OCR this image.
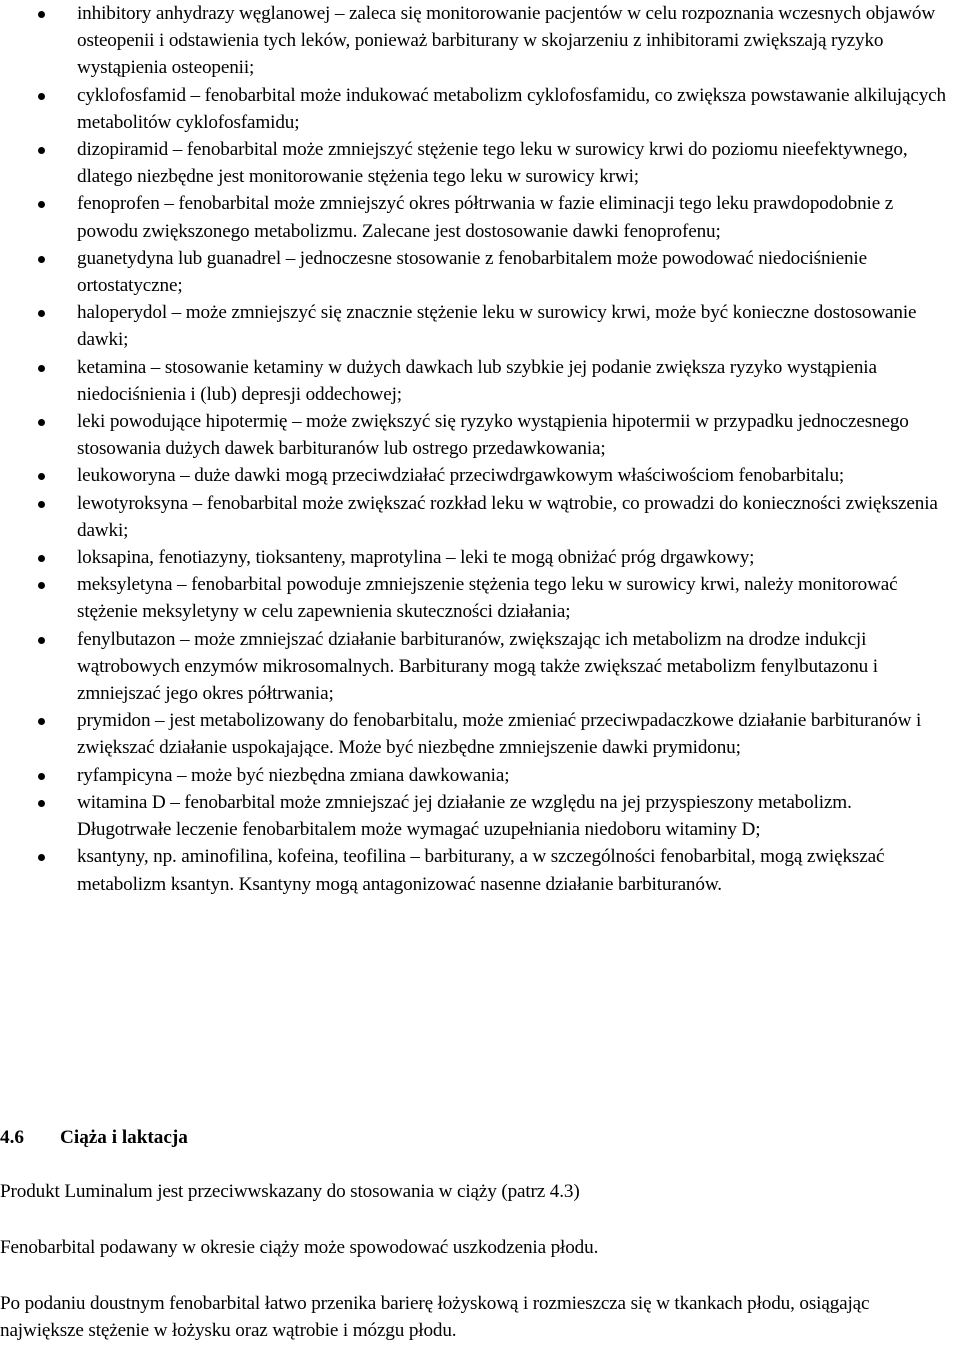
inhibitory anhydrazy węglanowej – zaleca się monitorowanie pacjentów w celu rozpoznania wczesnych objawów osteopenii i odstawienia tych leków, ponieważ barbiturany w skojarzeniu z inhibitorami zwiększają ryzyko wystąpienia osteopenii;
cyklofosfamid – fenobarbital może indukować metabolizm cyklofosfamidu, co zwiększa powstawanie alkilujących metabolitów cyklofosfamidu;
dizopiramid – fenobarbital może zmniejszyć stężenie tego leku w surowicy krwi do poziomu nieefektywnego, dlatego niezbędne jest monitorowanie stężenia tego leku w surowicy krwi;
fenoprofen – fenobarbital może zmniejszyć okres półtrwania w fazie eliminacji tego leku prawdopodobnie z powodu zwiększonego metabolizmu. Zalecane jest dostosowanie dawki fenoprofenu;
guanetydyna lub guanadrel – jednoczesne stosowanie z fenobarbitalem może powodować niedociśnienie ortostatyczne;
haloperydol – może zmniejszyć się znacznie stężenie leku w surowicy krwi, może być konieczne dostosowanie dawki;
ketamina – stosowanie ketaminy w dużych dawkach lub szybkie jej podanie zwiększa ryzyko wystąpienia niedociśnienia i (lub) depresji oddechowej;
leki powodujące hipotermię – może zwiększyć się ryzyko wystąpienia hipotermii w przypadku jednoczesnego stosowania dużych dawek barbituranów lub ostrego przedawkowania;
leukoworyna – duże dawki mogą przeciwdziałać przeciwdrgawkowym właściwościom fenobarbitalu;
lewotyroksyna – fenobarbital może zwiększać rozkład leku w wątrobie, co prowadzi do konieczności zwiększenia dawki;
loksapina, fenotiazyny, tioksanteny, maprotylina – leki te mogą obniżać próg drgawkowy;
meksyletyna – fenobarbital powoduje zmniejszenie stężenia tego leku w surowicy krwi, należy monitorować stężenie meksyletyny w celu zapewnienia skuteczności działania;
fenylbutazon – może zmniejszać działanie barbituranów, zwiększając ich metabolizm na drodze indukcji wątrobowych enzymów mikrosomalnych. Barbiturany mogą także zwiększać metabolizm fenylbutazonu i zmniejszać jego okres półtrwania;
prymidon – jest metabolizowany do fenobarbitalu, może zmieniać przeciwpadaczkowe działanie barbituranów i zwiększać działanie uspokajające. Może być niezbędne zmniejszenie dawki prymidonu;
ryfampicyna – może być niezbędna zmiana dawkowania;
witamina D – fenobarbital może zmniejszać jej działanie ze względu na jej przyspieszony metabolizm. Długotrwałe leczenie fenobarbitalem może wymagać uzupełniania niedoboru witaminy D;
ksantyny, np. aminofilina, kofeina, teofilina – barbiturany, a w szczególności fenobarbital, mogą zwiększać metabolizm ksantyn. Ksantyny mogą antagonizować nasenne działanie barbituranów.
4.6 Ciąża i laktacja

Produkt Luminalum jest przeciwwskazany do stosowania w ciąży (patrz 4.3)

Fenobarbital podawany w okresie ciąży może spowodować uszkodzenia płodu.

Po podaniu doustnym fenobarbital łatwo przenika barierę łożyskową i rozmieszcza się w tkankach płodu, osiągając największe stężenie w łożysku oraz wątrobie i mózgu płodu.
